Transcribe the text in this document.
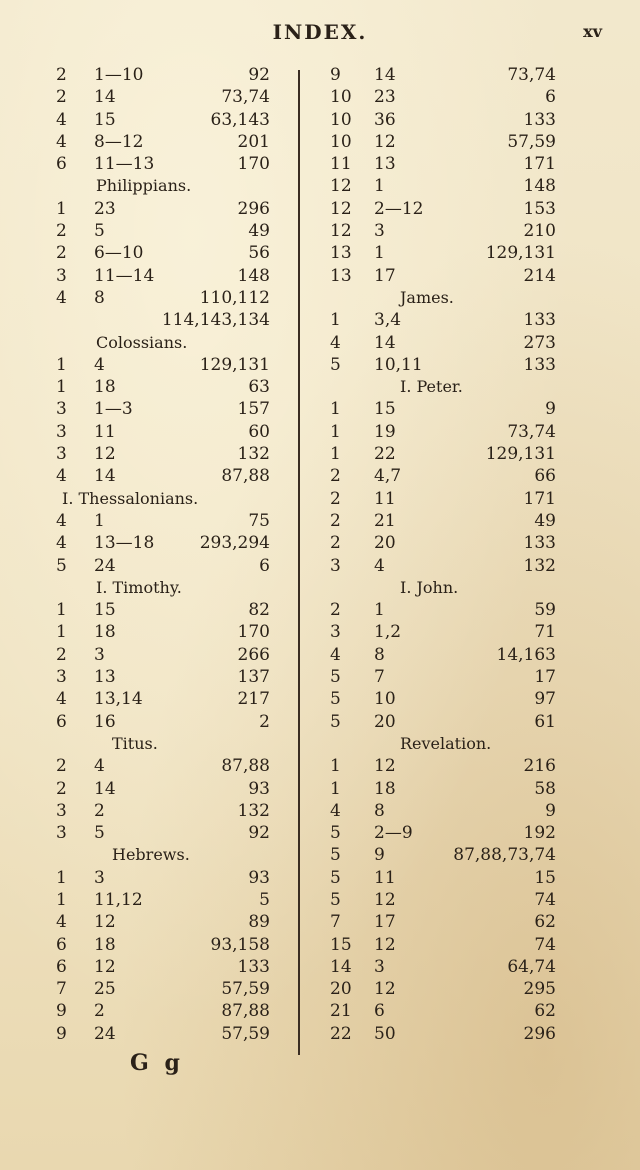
INDEX.	xv
2 1—10	92
2 14	73,74
4 15	63,143
4 8—12	201
6 11—13	170
Philippians.
1 23	296
2 5	49
2 6—10	56
3 11—14	148
4 8	110,112
114,143,134
Colossians.
1 4	129,131
1 18	63
3 1—3	157
3 11	60
3 12	132
4 14	87,88
I. Thessalonians.
4 1	75
4 13—18	293,294
5 24	6
I. Timothy.
1 15	82
1 18	170
2 3	266
3 13	137
4 13,14	217
6 16	2
Titus.
2 4	87,88
2 14	93
3 2	132
3 5	92
Hebrews.
1 3	93
1 11,12	5
4 12	89
6 18	93,158
6 12	133
7 25	57,59
9 2	87,88
9 24	57,59
9 14	73,74
10 23	6
10 36	133
10 12	57,59
11 13	171
12 1	148
12 2—12	153
12 3	210
13 1	129,131
13 17	214
James.
1 3,4	133
4 14	273
5 10,11	133
I. Peter.
1 15	9
1 19	73,74
1 22	129,131
2 4,7	66
2 11	171
2 21	49
2 20	133
3 4	132
I. John.
2 1	59
3 1,2	71
4 8	14,163
5 7	17
5 10	97
5 20	61
Revelation.
1 12	216
1 18	58
4 8	9
5 2—9	192
5 9	87,88,73,74
5 11	15
5 12	74
7 17	62
15 12	74
14 3	64,74
20 12	295
21 6	62
22 50	296
G g
